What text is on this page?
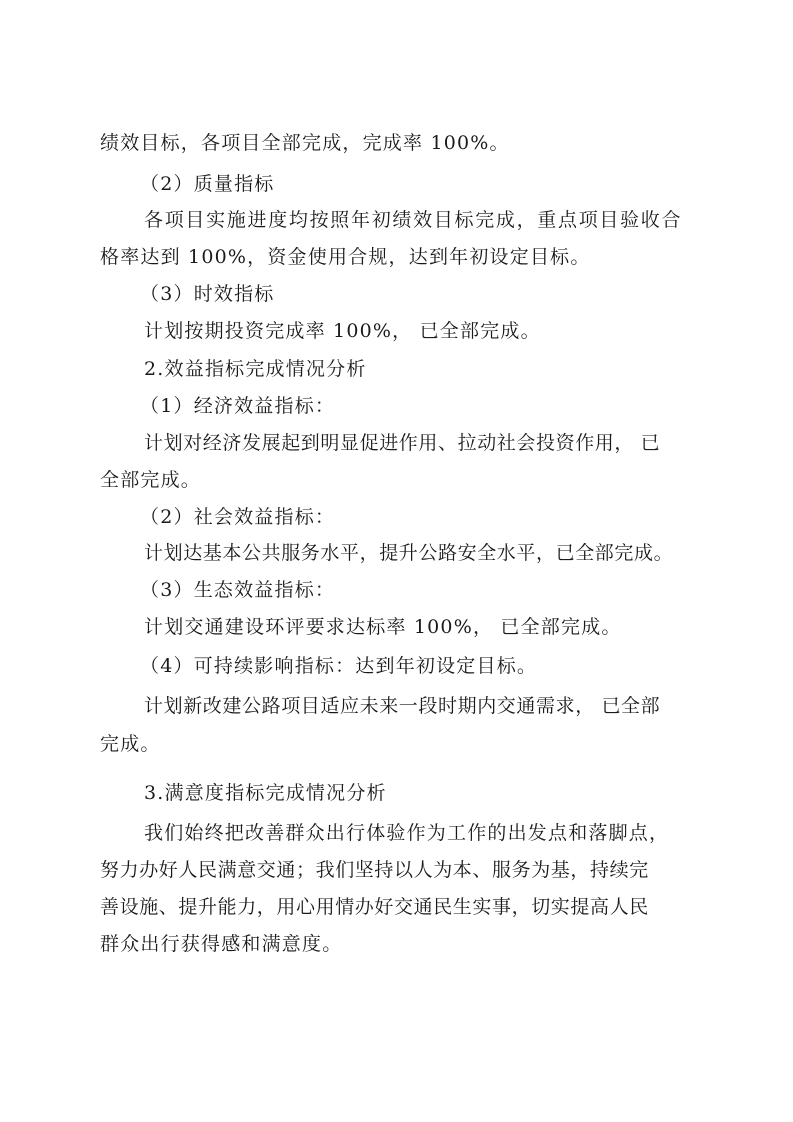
绩效目标，各项目全部完成，完成率 100%。
（2）质量指标
各项目实施进度均按照年初绩效目标完成，重点项目验收合
格率达到 100%，资金使用合规，达到年初设定目标。
（3）时效指标
计划按期投资完成率 100%， 已全部完成。
2.效益指标完成情况分析
（1）经济效益指标：
计划对经济发展起到明显促进作用、拉动社会投资作用， 已
全部完成。
（2）社会效益指标：
计划达基本公共服务水平，提升公路安全水平，已全部完成。
（3）生态效益指标：
计划交通建设环评要求达标率 100%， 已全部完成。
（4）可持续影响指标：达到年初设定目标。
计划新改建公路项目适应未来一段时期内交通需求， 已全部
完成。
3.满意度指标完成情况分析
我们始终把改善群众出行体验作为工作的出发点和落脚点，
努力办好人民满意交通；我们坚持以人为本、服务为基，持续完
善设施、提升能力，用心用情办好交通民生实事，切实提高人民
群众出行获得感和满意度。
